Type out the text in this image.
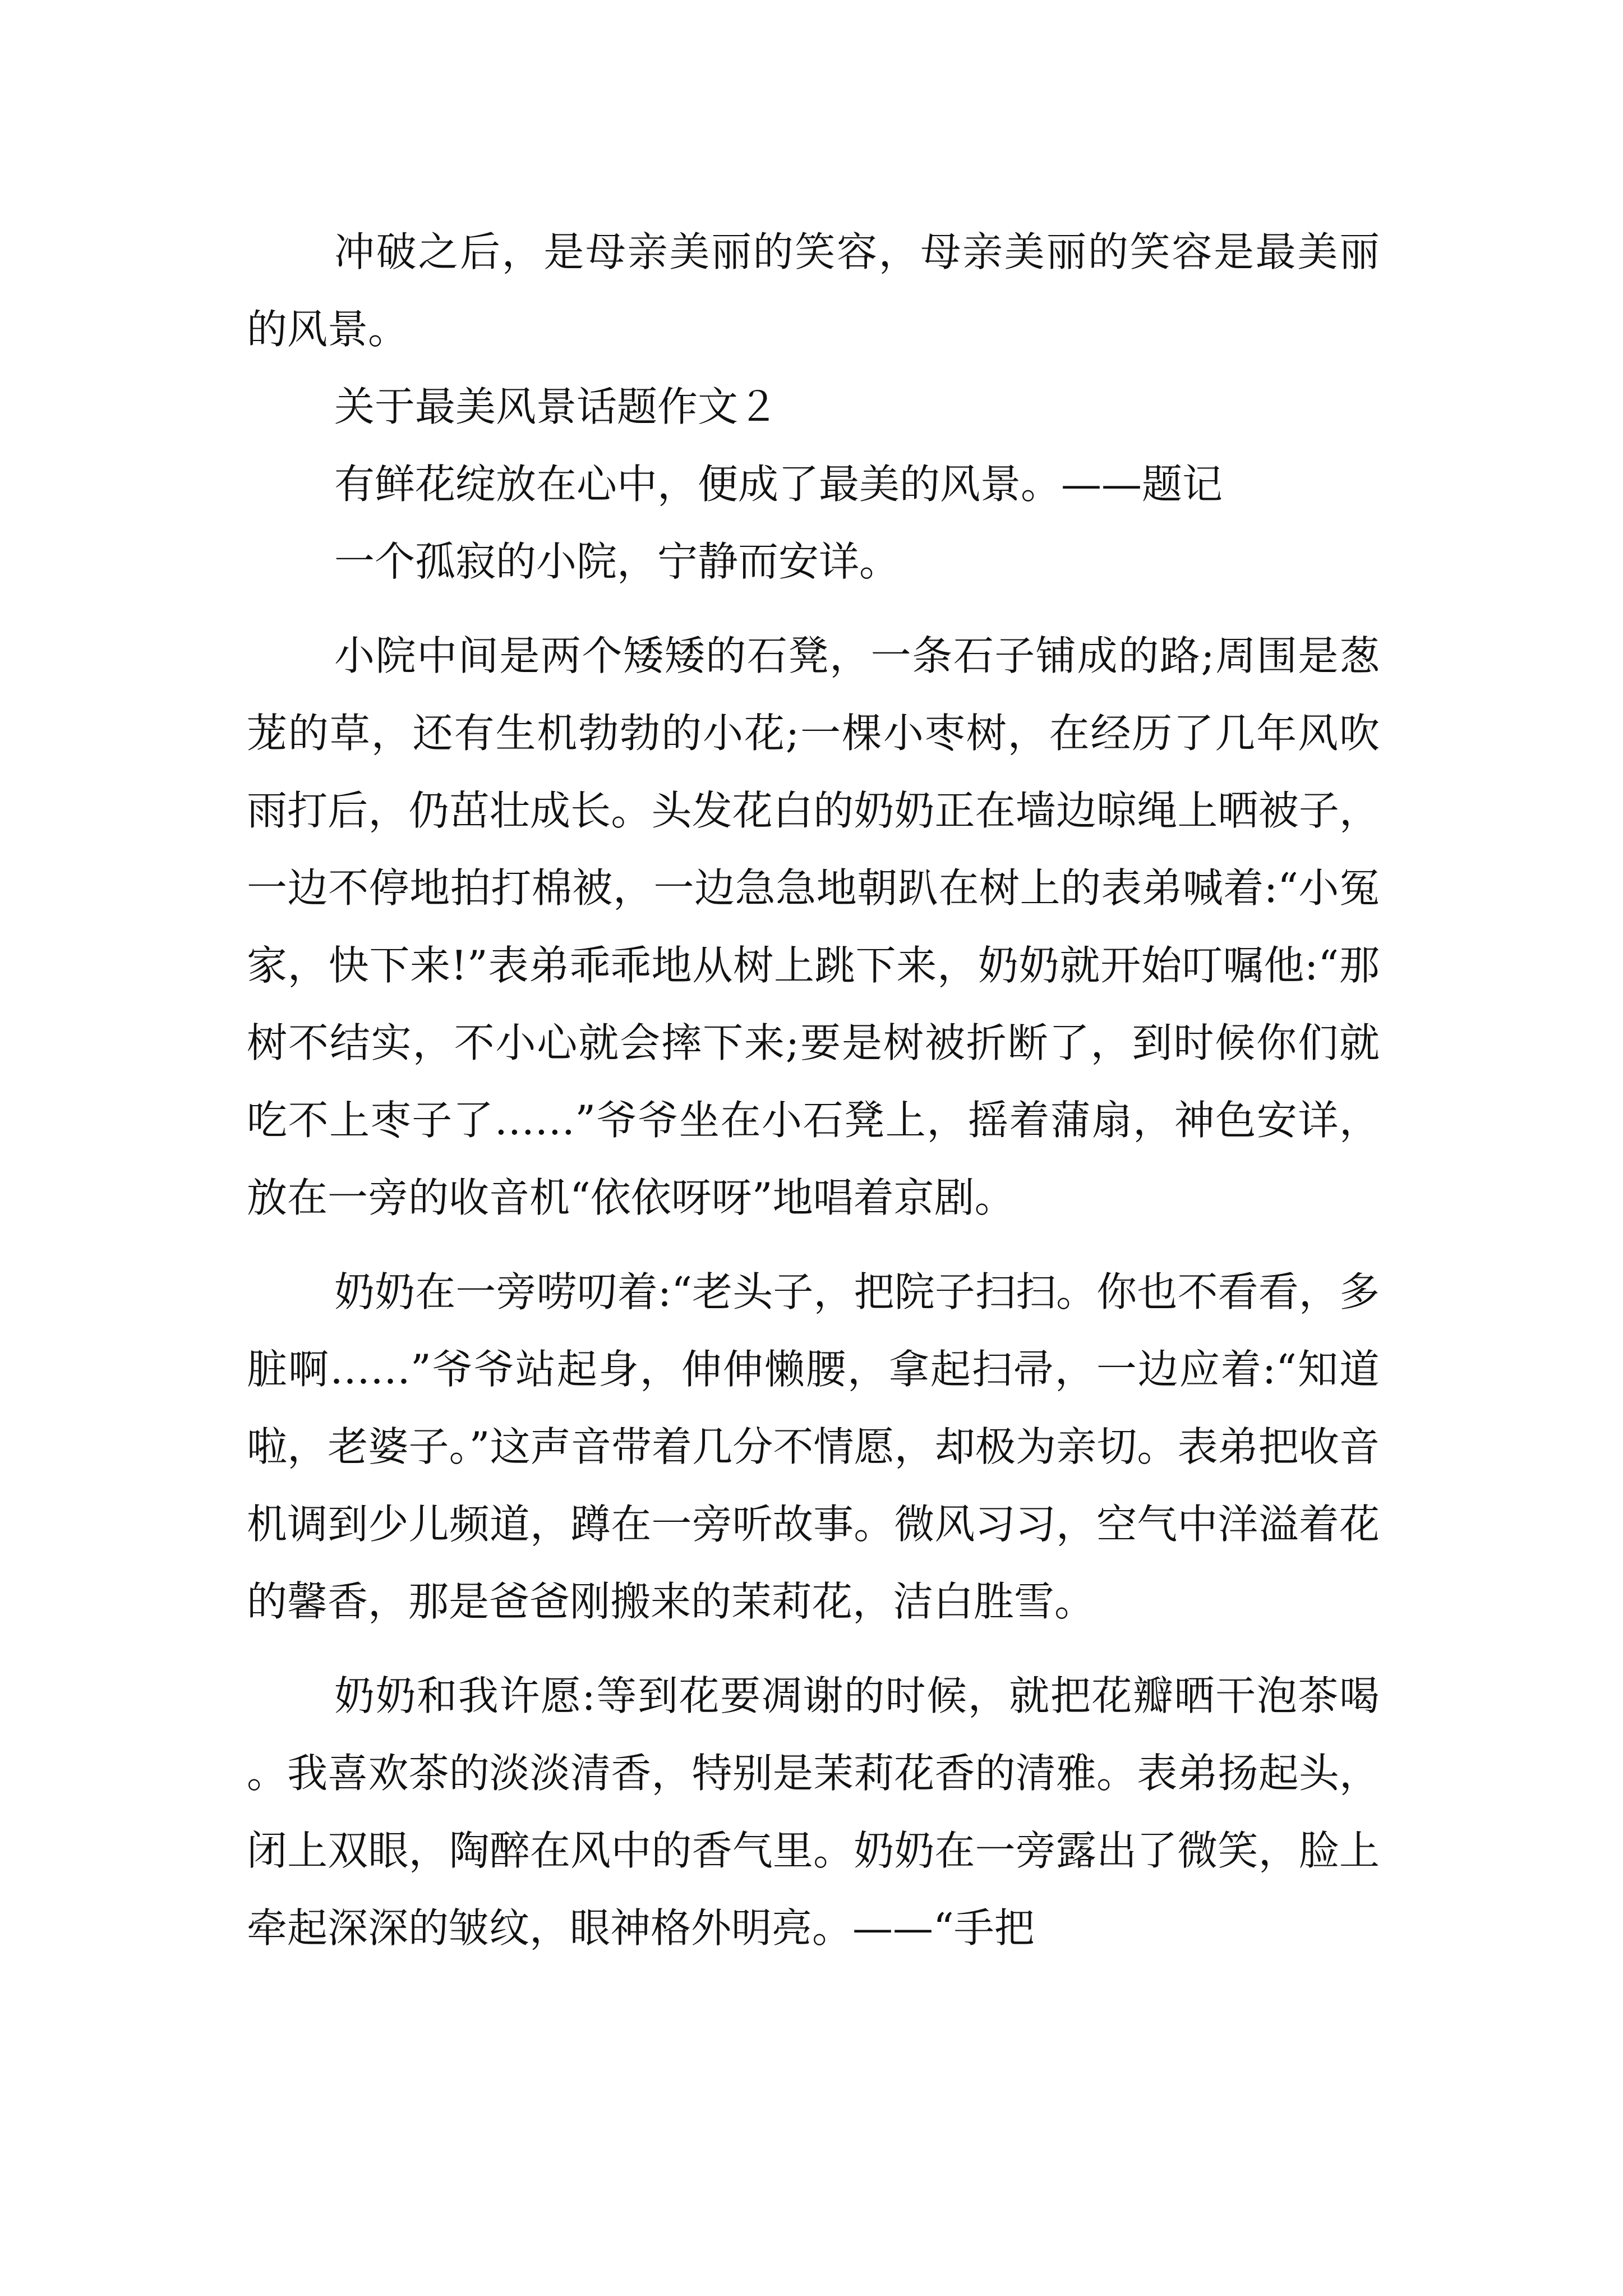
冲破之后，是母亲美丽的笑容，母亲美丽的笑容是最美丽的风景。

关于最美风景话题作文２

有鲜花绽放在心中，便成了最美的风景。——题记

一个孤寂的小院，宁静而安详。

小院中间是两个矮矮的石凳，一条石子铺成的路;周围是葱茏的草，还有生机勃勃的小花;一棵小枣树，在经历了几年风吹雨打后，仍茁壮成长。头发花白的奶奶正在墙边晾绳上晒被子，一边不停地拍打棉被，一边急急地朝趴在树上的表弟喊着:“小冤家，快下来!”表弟乖乖地从树上跳下来，奶奶就开始叮嘱他:“那树不结实，不小心就会摔下来;要是树被折断了，到时候你们就吃不上枣子了……”爷爷坐在小石凳上，摇着蒲扇，神色安详，放在一旁的收音机“依依呀呀”地唱着京剧。

奶奶在一旁唠叨着:“老头子，把院子扫扫。你也不看看，多脏啊……”爷爷站起身，伸伸懒腰，拿起扫帚，一边应着:“知道啦，老婆子。”这声音带着几分不情愿，却极为亲切。表弟把收音机调到少儿频道，蹲在一旁听故事。微风习习，空气中洋溢着花的馨香，那是爸爸刚搬来的茉莉花，洁白胜雪。

奶奶和我许愿:等到花要凋谢的时候，就把花瓣晒干泡茶喝。我喜欢茶的淡淡清香，特别是茉莉花香的清雅。表弟扬起头，闭上双眼，陶醉在风中的香气里。奶奶在一旁露出了微笑，脸上牵起深深的皱纹，眼神格外明亮。——“手把
